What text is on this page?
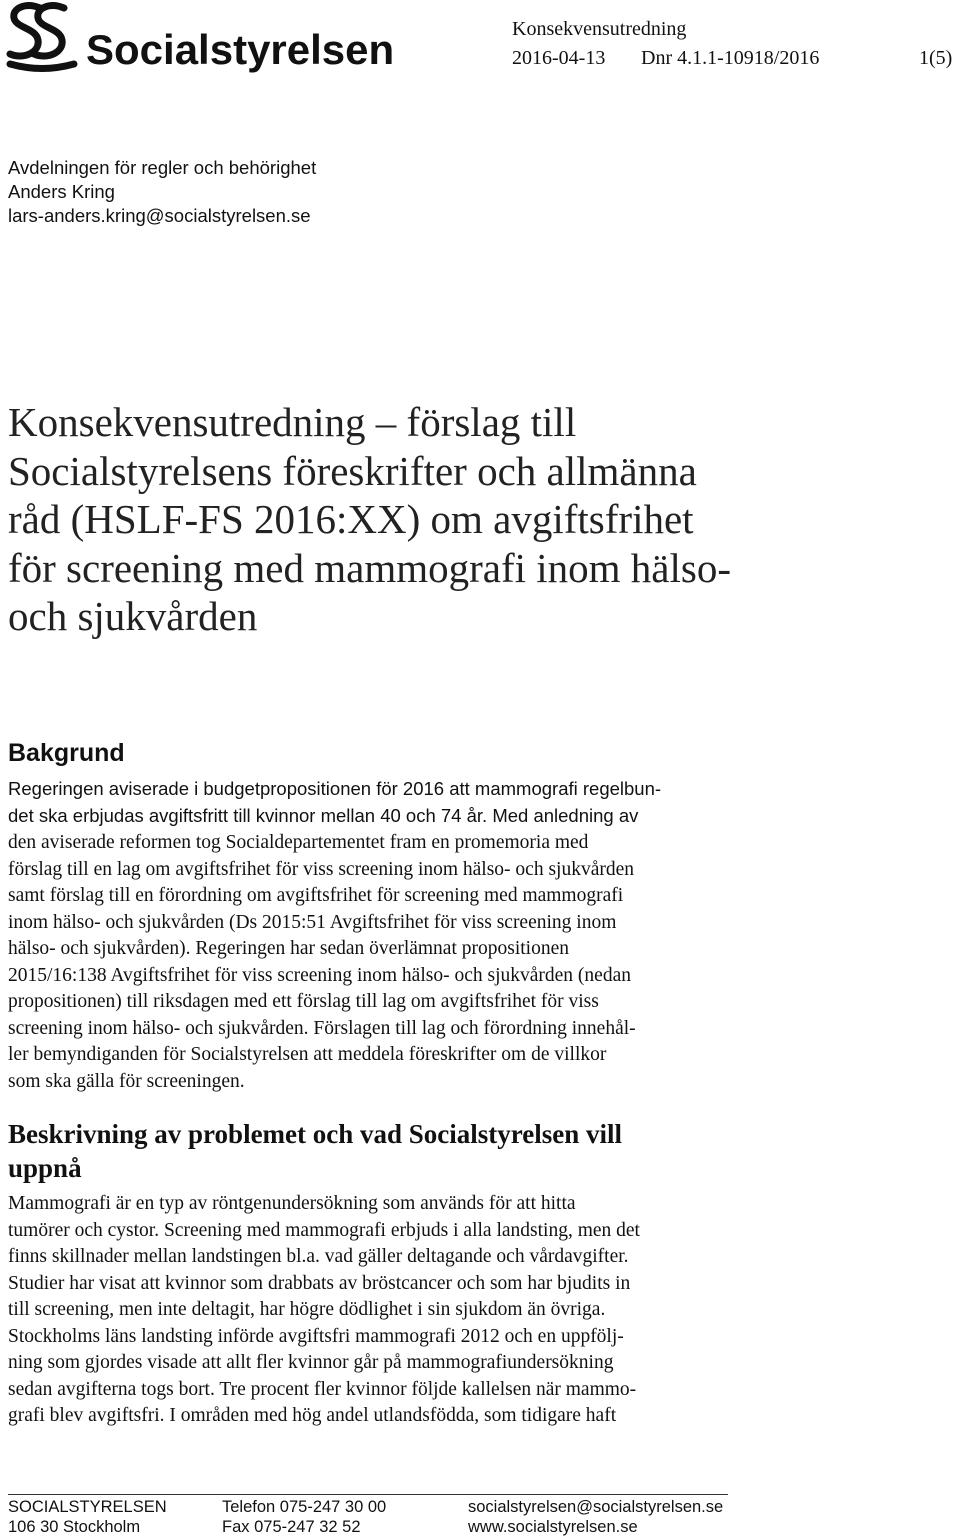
Socialstyrelsen	Konsekvensutredning
2016-04-13 Dnr 4.1.1-10918/2016	1(5)
Avdelningen för regler och behörighet
Anders Kring
lars-anders.kring@socialstyrelsen.se
Konsekvensutredning – förslag till
Socialstyrelsens föreskrifter och allmänna
råd (HSLF-FS 2016:XX) om avgiftsfrihet
för screening med mammografi inom hälso-
och sjukvården
Bakgrund
Regeringen aviserade i budgetpropositionen för 2016 att mammografi regelbun-
det ska erbjudas avgiftsfritt till kvinnor mellan 40 och 74 år. Med anledning av
den aviserade reformen tog Socialdepartementet fram en promemoria med
förslag till en lag om avgiftsfrihet för viss screening inom hälso- och sjukvården
samt förslag till en förordning om avgiftsfrihet för screening med mammografi
inom hälso- och sjukvården (Ds 2015:51 Avgiftsfrihet för viss screening inom
hälso- och sjukvården). Regeringen har sedan överlämnat propositionen
2015/16:138 Avgiftsfrihet för viss screening inom hälso- och sjukvården (nedan
propositionen) till riksdagen med ett förslag till lag om avgiftsfrihet för viss
screening inom hälso- och sjukvården. Förslagen till lag och förordning innehål-
ler bemyndiganden för Socialstyrelsen att meddela föreskrifter om de villkor
som ska gälla för screeningen.
Beskrivning av problemet och vad Socialstyrelsen vill
uppnå
Mammografi är en typ av röntgenundersökning som används för att hitta
tumörer och cystor. Screening med mammografi erbjuds i alla landsting, men det
finns skillnader mellan landstingen bl.a. vad gäller deltagande och vårdavgifter.
Studier har visat att kvinnor som drabbats av bröstcancer och som har bjudits in
till screening, men inte deltagit, har högre dödlighet i sin sjukdom än övriga.
Stockholms läns landsting införde avgiftsfri mammografi 2012 och en uppfölj-
ning som gjordes visade att allt fler kvinnor går på mammografiundersökning
sedan avgifterna togs bort. Tre procent fler kvinnor följde kallelsen när mammo-
grafi blev avgiftsfri. I områden med hög andel utlandsfödda, som tidigare haft
SOCIALSTYRELSEN
106 30 Stockholm
Telefon 075-247 30 00
Fax 075-247 32 52
socialstyrelsen@socialstyrelsen.se
www.socialstyrelsen.se
